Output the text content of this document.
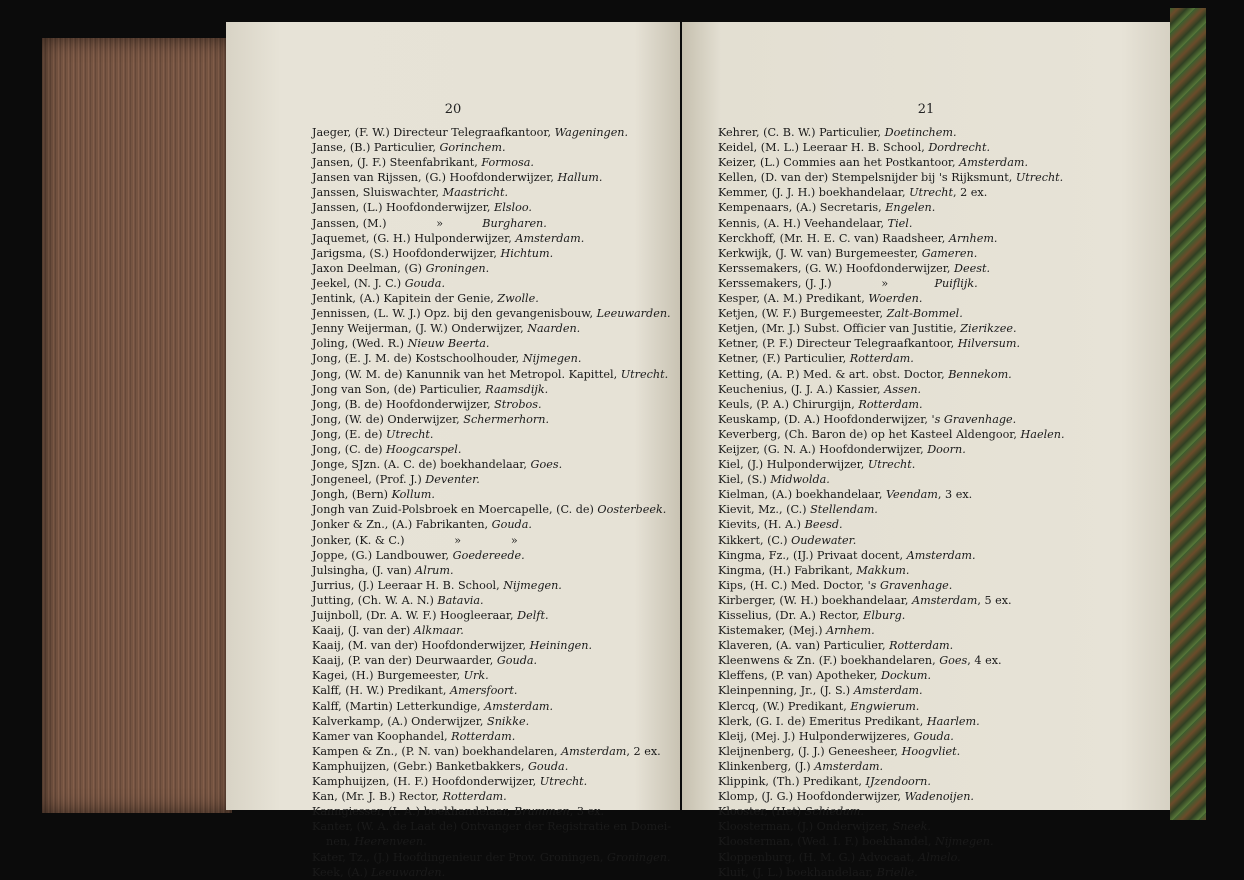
20
Jaeger, (F. W.) Directeur Telegraafkantoor, Wageningen.
Janse, (B.) Particulier, Gorinchem.
Jansen, (J. F.) Steenfabrikant, Formosa.
Jansen van Rijssen, (G.) Hoofdonderwijzer, Hallum.
Janssen, Sluiswachter, Maastricht.
Janssen, (L.) Hoofdonderwijzer, Elsloo.
Janssen, (M.)              »           Burgharen.
Jaquemet, (G. H.) Hulponderwijzer, Amsterdam.
Jarigsma, (S.) Hoofdonderwijzer, Hichtum.
Jaxon Deelman, (G) Groningen.
Jeekel, (N. J. C.) Gouda.
Jentink, (A.) Kapitein der Genie, Zwolle.
Jennissen, (L. W. J.) Opz. bij den gevangenisbouw, Leeuwarden.
Jenny Weijerman, (J. W.) Onderwijzer, Naarden.
Joling, (Wed. R.) Nieuw Beerta.
Jong, (E. J. M. de) Kostschoolhouder, Nijmegen.
Jong, (W. M. de) Kanunnik van het Metropol. Kapittel, Utrecht.
Jong van Son, (de) Particulier, Raamsdijk.
Jong, (B. de) Hoofdonderwijzer, Strobos.
Jong, (W. de) Onderwijzer, Schermerhorn.
Jong, (E. de) Utrecht.
Jong, (C. de) Hoogcarspel.
Jonge, SJzn. (A. C. de) boekhandelaar, Goes.
Jongeneel, (Prof. J.) Deventer.
Jongh, (Bern) Kollum.
Jongh van Zuid-Polsbroek en Moercapelle, (C. de) Oosterbeek.
Jonker & Zn., (A.) Fabrikanten, Gouda.
Jonker, (K. & C.)              »              »
Joppe, (G.) Landbouwer, Goedereede.
Julsingha, (J. van) Alrum.
Jurrius, (J.) Leeraar H. B. School, Nijmegen.
Jutting, (Ch. W. A. N.) Batavia.
Juijnboll, (Dr. A. W. F.) Hoogleeraar, Delft.
Kaaij, (J. van der) Alkmaar.
Kaaij, (M. van der) Hoofdonderwijzer, Heiningen.
Kaaij, (P. van der) Deurwaarder, Gouda.
Kagei, (H.) Burgemeester, Urk.
Kalff, (H. W.) Predikant, Amersfoort.
Kalff, (Martin) Letterkundige, Amsterdam.
Kalverkamp, (A.) Onderwijzer, Snikke.
Kamer van Koophandel, Rotterdam.
Kampen & Zn., (P. N. van) boekhandelaren, Amsterdam, 2 ex.
Kamphuijzen, (Gebr.) Banketbakkers, Gouda.
Kamphuijzen, (H. F.) Hoofdonderwijzer, Utrecht.
Kan, (Mr. J. B.) Rector, Rotterdam.
Kanngiesser, (I. A.) boekhandelaar, Brummen, 3 ex.
Kanter, (W. A. de Laat de) Ontvanger der Registratie en Domei-
nen, Heerenveen.
Kater, Tz., (J.) Hoofdingenieur der Prov. Groningen, Groningen.
Keek, (A.) Leeuwarden.
21
Kehrer, (C. B. W.) Particulier, Doetinchem.
Keidel, (M. L.) Leeraar H. B. School, Dordrecht.
Keizer, (L.) Commies aan het Postkantoor, Amsterdam.
Kellen, (D. van der) Stempelsnijder bij 's Rijksmunt, Utrecht.
Kemmer, (J. J. H.) boekhandelaar, Utrecht, 2 ex.
Kempenaars, (A.) Secretaris, Engelen.
Kennis, (A. H.) Veehandelaar, Tiel.
Kerckhoff, (Mr. H. E. C. van) Raadsheer, Arnhem.
Kerkwijk, (J. W. van) Burgemeester, Gameren.
Kerssemakers, (G. W.) Hoofdonderwijzer, Deest.
Kerssemakers, (J. J.)              »             Puiflijk.
Kesper, (A. M.) Predikant, Woerden.
Ketjen, (W. F.) Burgemeester, Zalt-Bommel.
Ketjen, (Mr. J.) Subst. Officier van Justitie, Zierikzee.
Ketner, (P. F.) Directeur Telegraafkantoor, Hilversum.
Ketner, (F.) Particulier, Rotterdam.
Ketting, (A. P.) Med. & art. obst. Doctor, Bennekom.
Keuchenius, (J. J. A.) Kassier, Assen.
Keuls, (P. A.) Chirurgijn, Rotterdam.
Keuskamp, (D. A.) Hoofdonderwijzer, 's Gravenhage.
Keverberg, (Ch. Baron de) op het Kasteel Aldengoor, Haelen.
Keijzer, (G. N. A.) Hoofdonderwijzer, Doorn.
Kiel, (J.) Hulponderwijzer, Utrecht.
Kiel, (S.) Midwolda.
Kielman, (A.) boekhandelaar, Veendam, 3 ex.
Kievit, Mz., (C.) Stellendam.
Kievits, (H. A.) Beesd.
Kikkert, (C.) Oudewater.
Kingma, Fz., (IJ.) Privaat docent, Amsterdam.
Kingma, (H.) Fabrikant, Makkum.
Kips, (H. C.) Med. Doctor, 's Gravenhage.
Kirberger, (W. H.) boekhandelaar, Amsterdam, 5 ex.
Kisselius, (Dr. A.) Rector, Elburg.
Kistemaker, (Mej.) Arnhem.
Klaveren, (A. van) Particulier, Rotterdam.
Kleenwens & Zn. (F.) boekhandelaren, Goes, 4 ex.
Kleffens, (P. van) Apotheker, Dockum.
Kleinpenning, Jr., (J. S.) Amsterdam.
Klercq, (W.) Predikant, Engwierum.
Klerk, (G. I. de) Emeritus Predikant, Haarlem.
Kleij, (Mej. J.) Hulponderwijzeres, Gouda.
Kleijnenberg, (J. J.) Geneesheer, Hoogvliet.
Klinkenberg, (J.) Amsterdam.
Klippink, (Th.) Predikant, IJzendoorn.
Klomp, (J. G.) Hoofdonderwijzer, Wadenoijen.
Klooster, (Het) Schiedam.
Kloosterman, (J.) Onderwijzer, Sneek.
Kloosterman, (Wed. I. F.) boekhandel, Nijmegen.
Kloppenburg, (H. M. G.) Advocaat, Almelo.
Kluit, (J. L.) boekhandelaar, Brielle.
